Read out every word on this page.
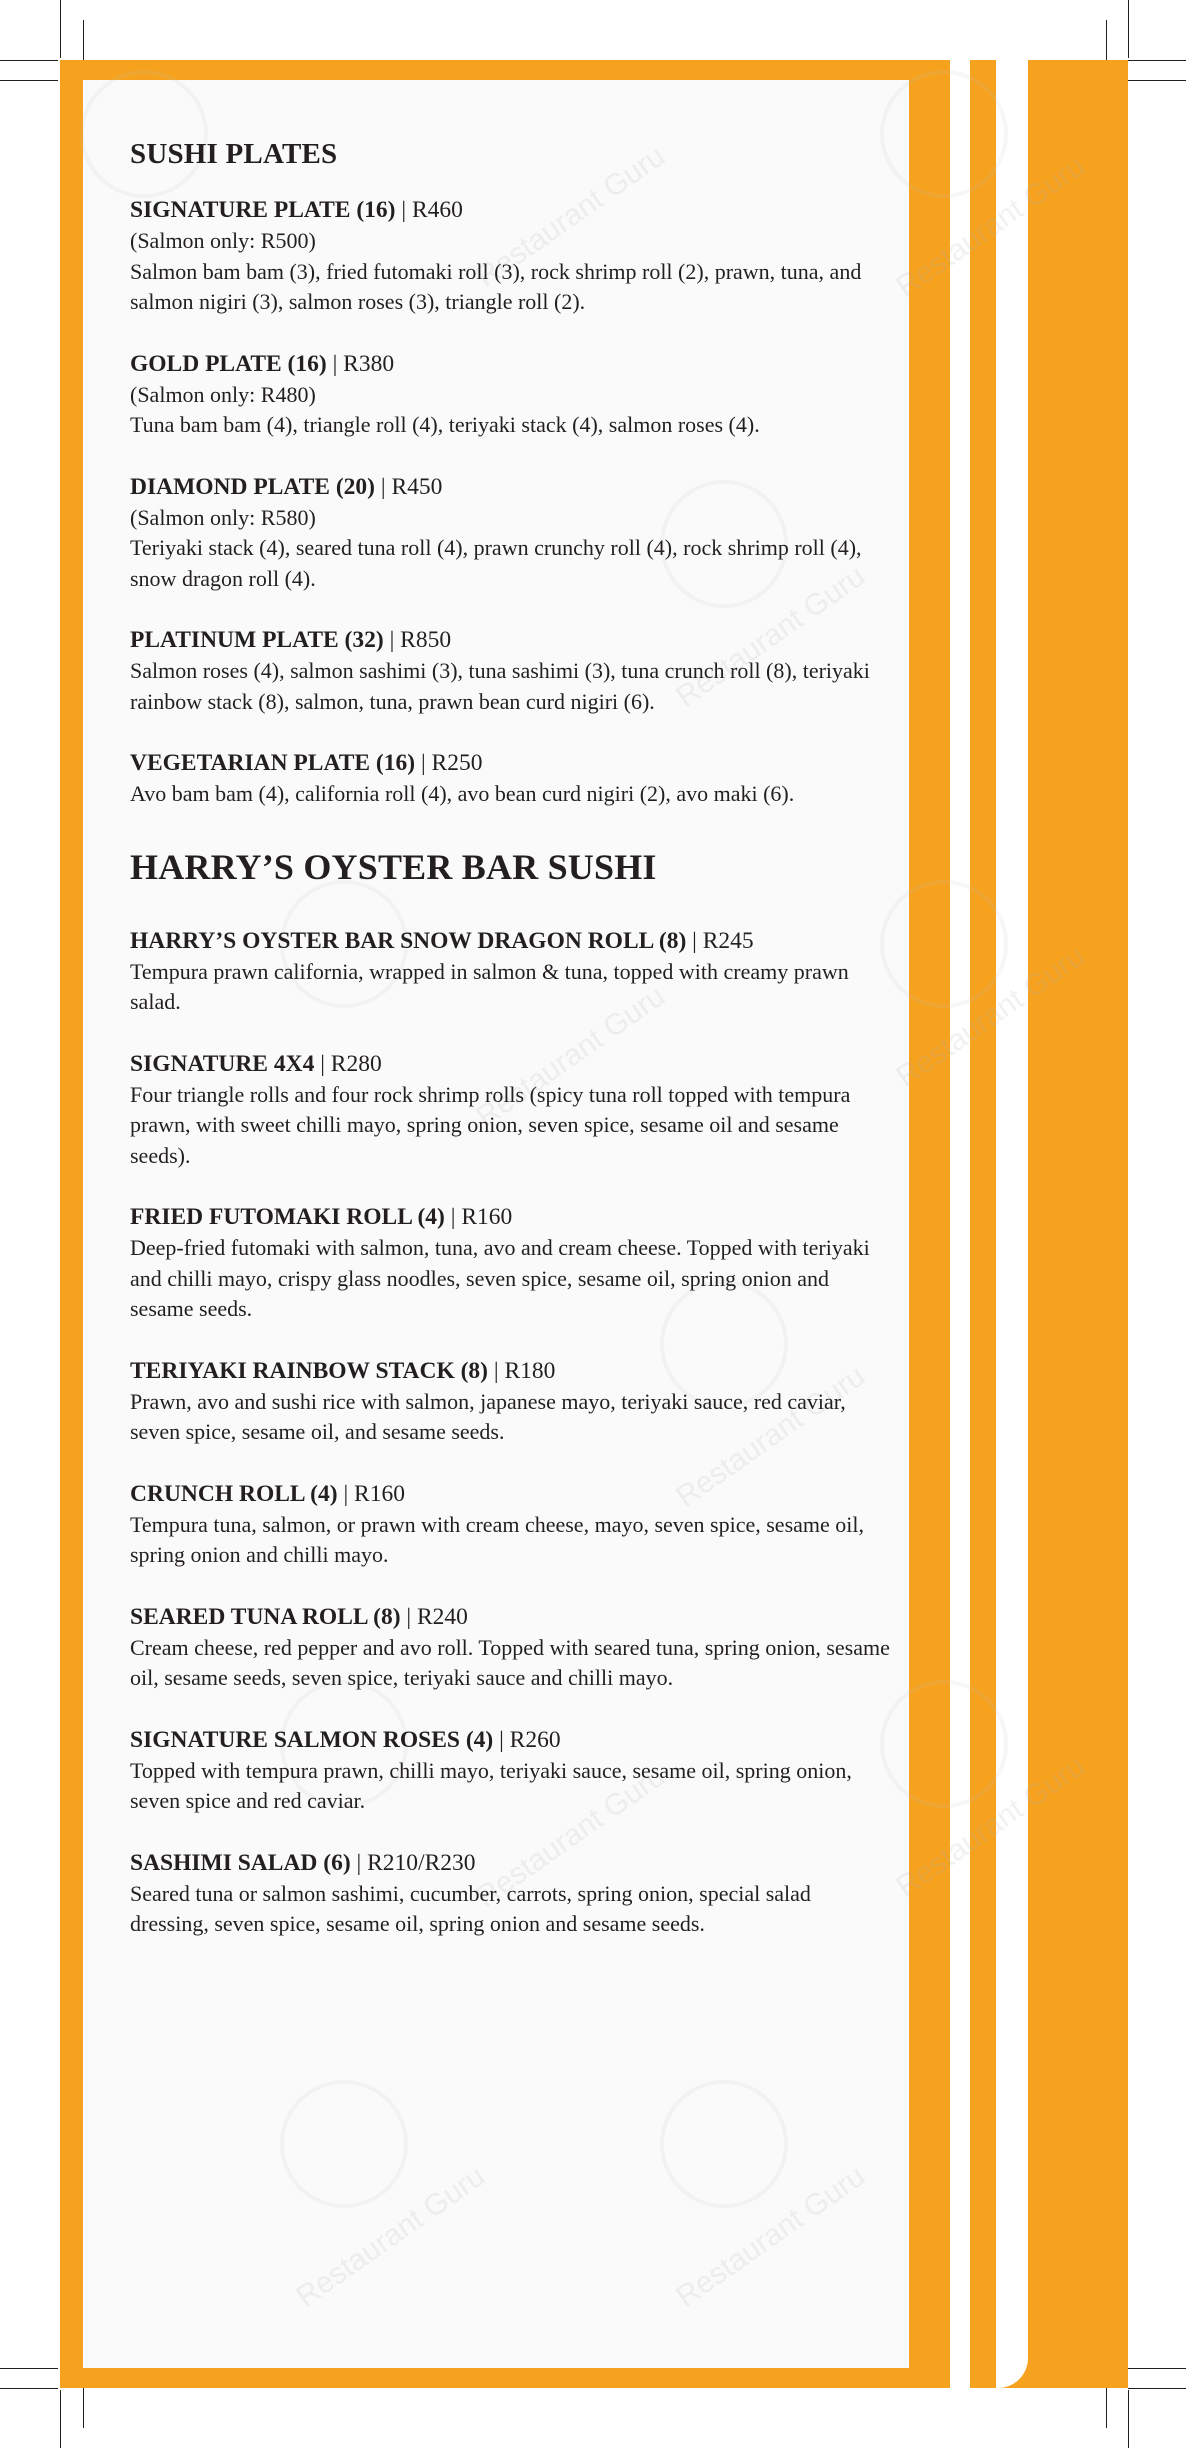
SUSHI PLATES
SIGNATURE PLATE (16) | R460
(Salmon only: R500)
Salmon bam bam (3), fried futomaki roll (3), rock shrimp roll (2), prawn, tuna, and salmon nigiri (3), salmon roses (3), triangle roll (2).
GOLD PLATE (16) | R380
(Salmon only: R480)
Tuna bam bam (4), triangle roll (4), teriyaki stack (4), salmon roses (4).
DIAMOND PLATE (20) | R450
(Salmon only: R580)
Teriyaki stack (4), seared tuna roll (4), prawn crunchy roll (4), rock shrimp roll (4), snow dragon roll (4).
PLATINUM PLATE (32) | R850
Salmon roses (4), salmon sashimi (3), tuna sashimi (3), tuna crunch roll (8), teriyaki rainbow stack (8), salmon, tuna, prawn bean curd nigiri (6).
VEGETARIAN PLATE (16) | R250
Avo bam bam (4), california roll (4), avo bean curd nigiri (2), avo maki (6).
HARRY’S OYSTER BAR SUSHI
HARRY’S OYSTER BAR SNOW DRAGON ROLL (8) | R245
Tempura prawn california, wrapped in salmon & tuna, topped with creamy prawn salad.
SIGNATURE 4X4 | R280
Four triangle rolls and four rock shrimp rolls (spicy tuna roll topped with tempura prawn, with sweet chilli mayo, spring onion, seven spice, sesame oil and sesame seeds).
FRIED FUTOMAKI ROLL (4) | R160
Deep-fried futomaki with salmon, tuna, avo and cream cheese. Topped with teriyaki and chilli mayo, crispy glass noodles, seven spice, sesame oil, spring onion and sesame seeds.
TERIYAKI RAINBOW STACK (8) | R180
Prawn, avo and sushi rice with salmon, japanese mayo, teriyaki sauce, red caviar, seven spice, sesame oil, and sesame seeds.
CRUNCH ROLL (4) | R160
Tempura tuna, salmon, or prawn with cream cheese, mayo, seven spice, sesame oil, spring onion and chilli mayo.
SEARED TUNA ROLL (8) | R240
Cream cheese, red pepper and avo roll. Topped with seared tuna, spring onion, sesame oil, sesame seeds, seven spice, teriyaki sauce and chilli mayo.
SIGNATURE SALMON ROSES (4) | R260
Topped with tempura prawn, chilli mayo, teriyaki sauce, sesame oil, spring onion, seven spice and red caviar.
SASHIMI SALAD (6) | R210/R230
Seared tuna or salmon sashimi, cucumber, carrots, spring onion, special salad dressing, seven spice, sesame oil, spring onion and sesame seeds.
